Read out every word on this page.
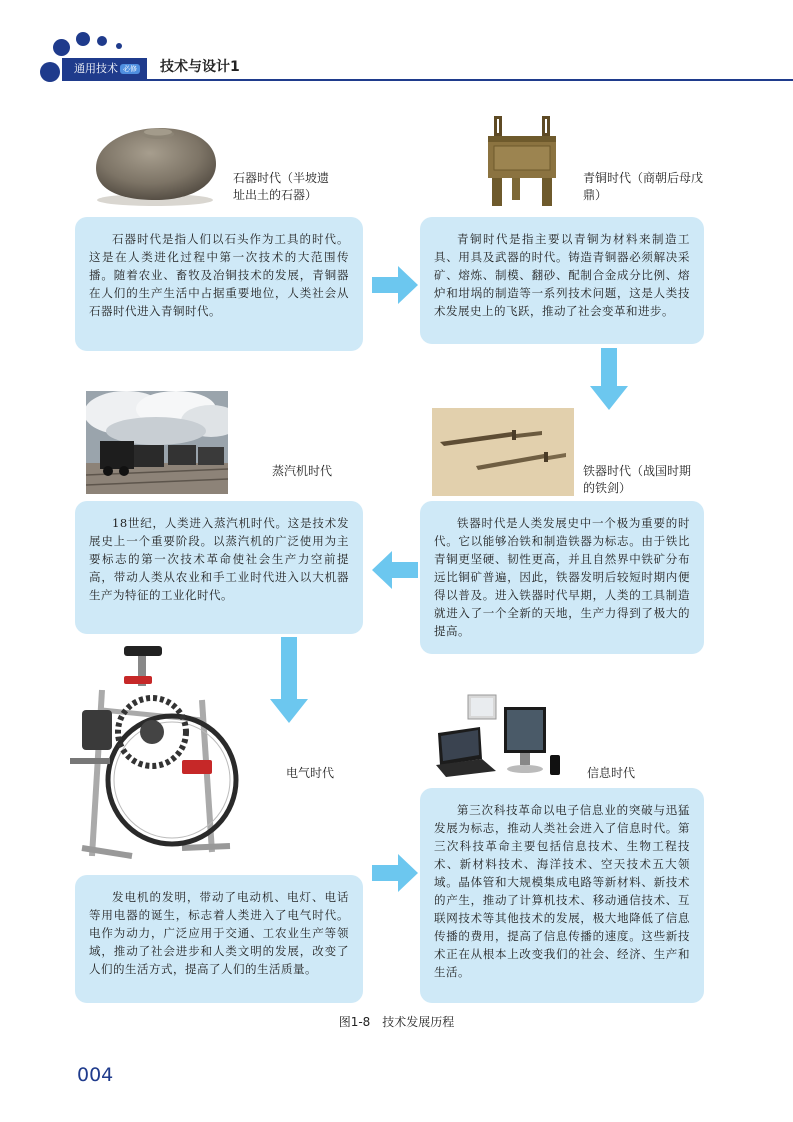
通用技术 必修	技术与设计1
石器时代（半坡遗址出土的石器）
青铜时代（商朝后母戊鼎）
石器时代是指人们以石头作为工具的时代。这是在人类进化过程中第一次技术的大范围传播。随着农业、畜牧及冶铜技术的发展，青铜器在人们的生产生活中占据重要地位，人类社会从石器时代进入青铜时代。
青铜时代是指主要以青铜为材料来制造工具、用具及武器的时代。铸造青铜器必须解决采矿、熔炼、制模、翻砂、配制合金成分比例、熔炉和坩埚的制造等一系列技术问题，这是人类技术发展史上的飞跃，推动了社会变革和进步。
蒸汽机时代	铁器时代（战国时期的铁剑）
18世纪，人类进入蒸汽机时代。这是技术发展史上一个重要阶段。以蒸汽机的广泛使用为主要标志的第一次技术革命使社会生产力空前提高，带动人类从农业和手工业时代进入以大机器生产为特征的工业化时代。
铁器时代是人类发展史中一个极为重要的时代。它以能够冶铁和制造铁器为标志。由于铁比青铜更坚硬、韧性更高，并且自然界中铁矿分布远比铜矿普遍，因此，铁器发明后较短时期内便得以普及。进入铁器时代早期，人类的工具制造就进入了一个全新的天地，生产力得到了极大的提高。
电气时代	信息时代
发电机的发明，带动了电动机、电灯、电话等用电器的诞生，标志着人类进入了电气时代。电作为动力，广泛应用于交通、工农业生产等领域，推动了社会进步和人类文明的发展，改变了人们的生活方式，提高了人们的生活质量。
第三次科技革命以电子信息业的突破与迅猛发展为标志，推动人类社会进入了信息时代。第三次科技革命主要包括信息技术、生物工程技术、新材料技术、海洋技术、空天技术五大领域。晶体管和大规模集成电路等新材料、新技术的产生，推动了计算机技术、移动通信技术、互联网技术等其他技术的发展，极大地降低了信息传播的费用，提高了信息传播的速度。这些新技术正在从根本上改变我们的社会、经济、生产和生活。
图1-8　技术发展历程
004
